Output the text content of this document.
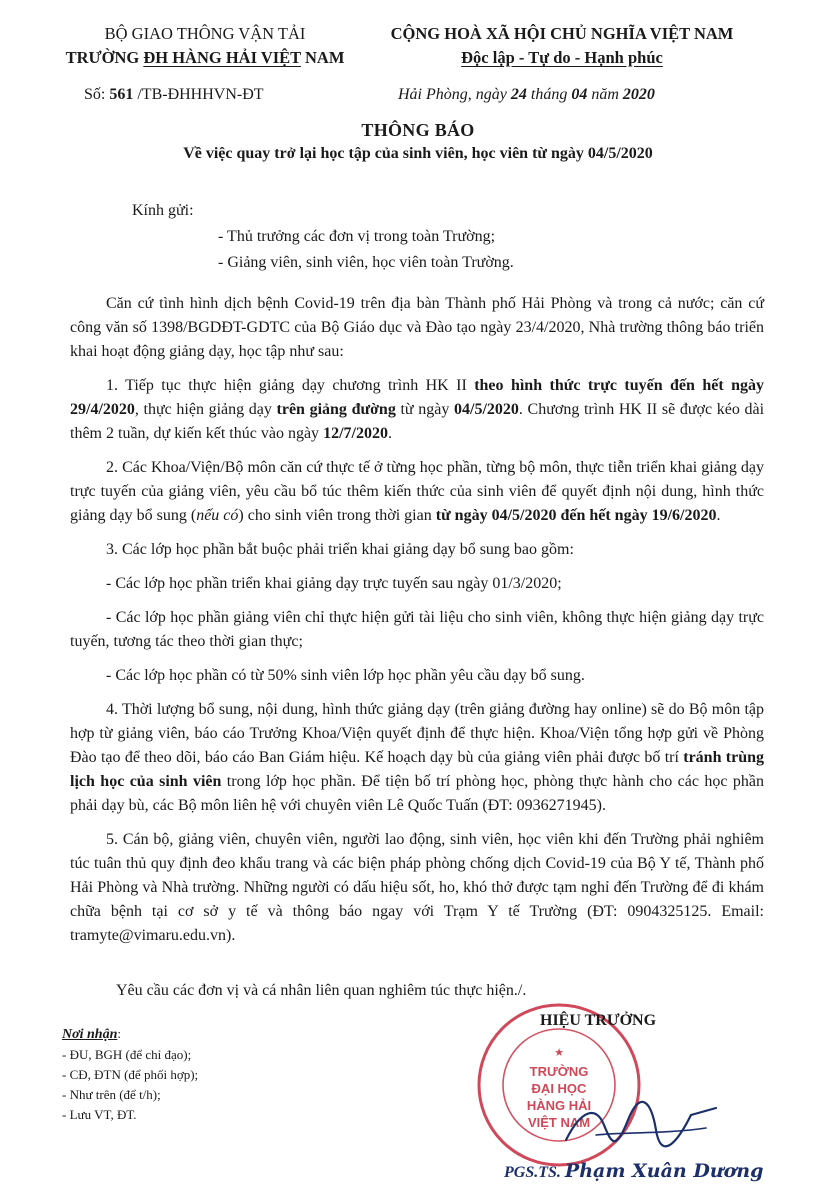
BỘ GIAO THÔNG VẬN TẢI
TRƯỜNG ĐH HÀNG HẢI VIỆT NAM
CỘNG HOÀ XÃ HỘI CHỦ NGHĨA VIỆT NAM
Độc lập - Tự do - Hạnh phúc
Số: 561 /TB-ĐHHHVN-ĐT	Hải Phòng, ngày 24 tháng 04 năm 2020
THÔNG BÁO
Về việc quay trở lại học tập của sinh viên, học viên từ ngày 04/5/2020
Kính gửi:
- Thủ trưởng các đơn vị trong toàn Trường;
- Giảng viên, sinh viên, học viên toàn Trường.

Căn cứ tình hình dịch bệnh Covid-19 trên địa bàn Thành phố Hải Phòng và trong cả nước; căn cứ công văn số 1398/BGDĐT-GDTC của Bộ Giáo dục và Đào tạo ngày 23/4/2020, Nhà trường thông báo triển khai hoạt động giảng dạy, học tập như sau:

1. Tiếp tục thực hiện giảng dạy chương trình HK II theo hình thức trực tuyến đến hết ngày 29/4/2020, thực hiện giảng dạy trên giảng đường từ ngày 04/5/2020. Chương trình HK II sẽ được kéo dài thêm 2 tuần, dự kiến kết thúc vào ngày 12/7/2020.

2. Các Khoa/Viện/Bộ môn căn cứ thực tế ở từng học phần, từng bộ môn, thực tiễn triển khai giảng dạy trực tuyến của giảng viên, yêu cầu bổ túc thêm kiến thức của sinh viên để quyết định nội dung, hình thức giảng dạy bổ sung (nếu có) cho sinh viên trong thời gian từ ngày 04/5/2020 đến hết ngày 19/6/2020.

3. Các lớp học phần bắt buộc phải triển khai giảng dạy bổ sung bao gồm:

- Các lớp học phần triển khai giảng dạy trực tuyến sau ngày 01/3/2020;

- Các lớp học phần giảng viên chỉ thực hiện gửi tài liệu cho sinh viên, không thực hiện giảng dạy trực tuyến, tương tác theo thời gian thực;

- Các lớp học phần có từ 50% sinh viên lớp học phần yêu cầu dạy bổ sung.

4. Thời lượng bổ sung, nội dung, hình thức giảng dạy (trên giảng đường hay online) sẽ do Bộ môn tập hợp từ giảng viên, báo cáo Trưởng Khoa/Viện quyết định để thực hiện. Khoa/Viện tổng hợp gửi về Phòng Đào tạo để theo dõi, báo cáo Ban Giám hiệu. Kế hoạch dạy bù của giảng viên phải được bố trí tránh trùng lịch học của sinh viên trong lớp học phần. Để tiện bố trí phòng học, phòng thực hành cho các học phần phải dạy bù, các Bộ môn liên hệ với chuyên viên Lê Quốc Tuấn (ĐT: 0936271945).

5. Cán bộ, giảng viên, chuyên viên, người lao động, sinh viên, học viên khi đến Trường phải nghiêm túc tuân thủ quy định đeo khẩu trang và các biện pháp phòng chống dịch Covid-19 của Bộ Y tế, Thành phố Hải Phòng và Nhà trường. Những người có dấu hiệu sốt, ho, khó thở được tạm nghỉ đến Trường để đi khám chữa bệnh tại cơ sở y tế và thông báo ngay với Trạm Y tế Trường (ĐT: 0904325125. Email: tramyte@vimaru.edu.vn).

Yêu cầu các đơn vị và cá nhân liên quan nghiêm túc thực hiện./.
Nơi nhận:
- ĐU, BGH (để chỉ đạo);
- CĐ, ĐTN (để phối hợp);
- Như trên (để t/h);
- Lưu VT, ĐT.
★
TRƯỜNG
ĐẠI HỌC
HÀNG HẢI
VIỆT NAM
HIỆU TRƯỞNG
PGS.TS. Phạm Xuân Dương
